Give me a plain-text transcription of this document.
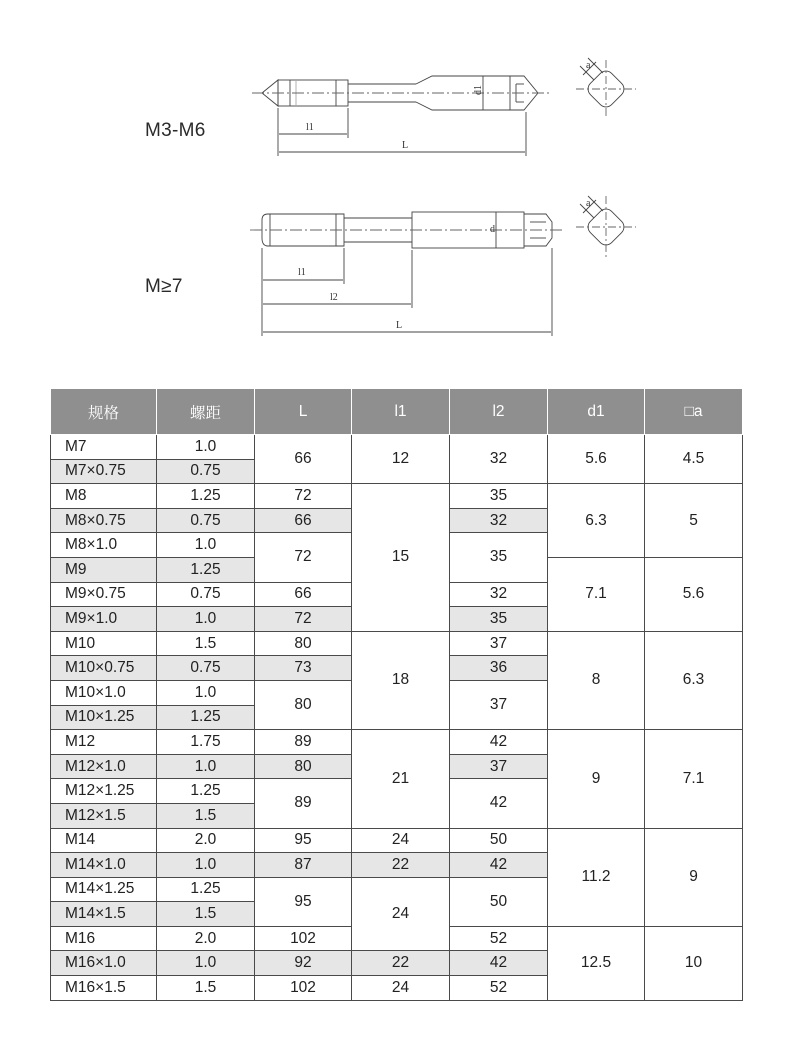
l1
L
d1
a
l1
l2
L
d
a
M3-M6
M≥7
规格	螺距	L	l1	l2	d1	□a
M7	1.0	66	12	32	5.6	4.5
M7×0.75	0.75					
M8	1.25	72	15	35	6.3	5
M8×0.75	0.75	66		32		
M8×1.0	1.0	72		35		
M9	1.25				7.1	5.6
M9×0.75	0.75	66		32		
M9×1.0	1.0	72		35		
M10	1.5	80	18	37	8	6.3
M10×0.75	0.75	73		36		
M10×1.0	1.0	80		37		
M10×1.25	1.25					
M12	1.75	89	21	42	9	7.1
M12×1.0	1.0	80		37		
M12×1.25	1.25	89		42		
M12×1.5	1.5					
M14	2.0	95	24	50	11.2	9
M14×1.0	1.0	87	22	42		
M14×1.25	1.25	95	24	50		
M14×1.5	1.5					
M16	2.0	102		52	12.5	10
M16×1.0	1.0	92	22	42		
M16×1.5	1.5	102	24	52		
